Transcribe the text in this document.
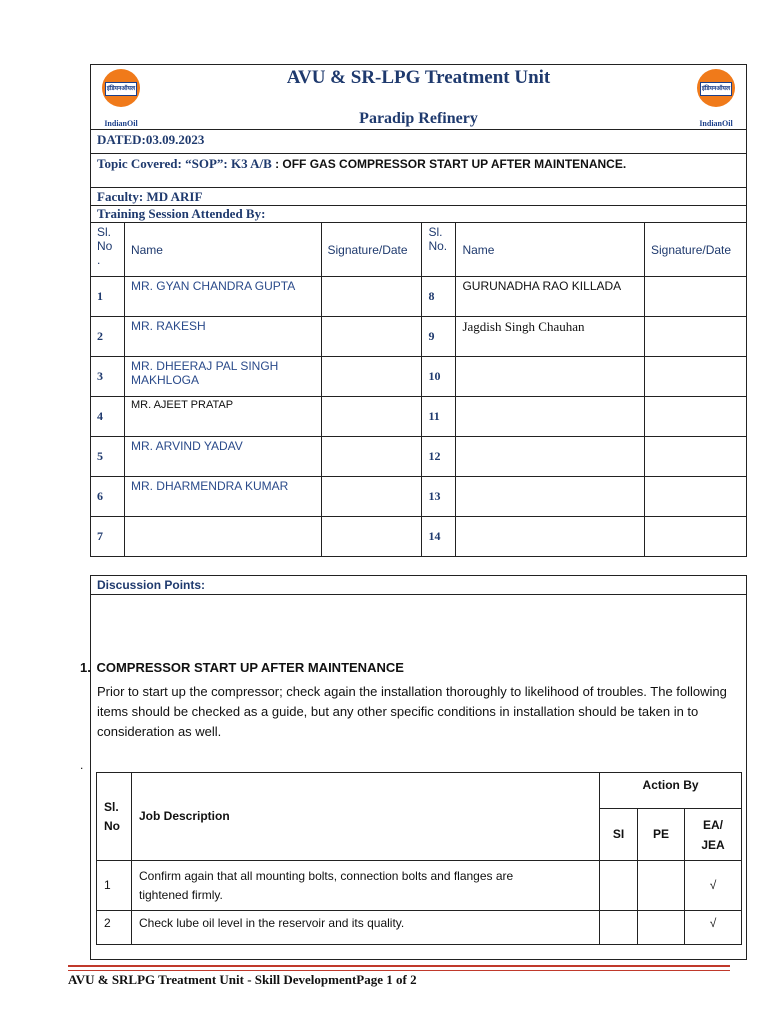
इंडियनऑयल
IndianOil
AVU & SR-LPG Treatment Unit
Paradip Refinery
इंडियनऑयल
IndianOil
DATED:03.09.2023
Topic Covered: “SOP”: K3 A/B : OFF GAS COMPRESSOR START UP AFTER MAINTENANCE.
Faculty: MD ARIF
Training Session Attended By:
Sl. No .	Name	Signature/Date	Sl. No.	Name	Signature/Date
1	MR. GYAN CHANDRA GUPTA		8	GURUNADHA RAO KILLADA	
2	MR. RAKESH		9	Jagdish Singh Chauhan	
3	MR. DHEERAJ PAL SINGH MAKHLOGA		10		
4	MR. AJEET PRATAP		11		
5	MR. ARVIND YADAV		12		
6	MR. DHARMENDRA KUMAR		13		
7			14		
Discussion Points:
1. COMPRESSOR START UP AFTER MAINTENANCE
Prior to start up the compressor; check again the installation thoroughly to likelihood of troubles. The following items should be checked as a guide, but any other specific conditions in installation should be taken in to consideration as well.
.
Sl. No	Job Description	Action By		
		SI	PE	EA/ JEA
1	Confirm again that all mounting bolts, connection bolts and flanges are tightened firmly.			√
2	Check lube oil level in the reservoir and its quality.			√
AVU & SRLPG Treatment Unit - Skill DevelopmentPage 1 of 2
